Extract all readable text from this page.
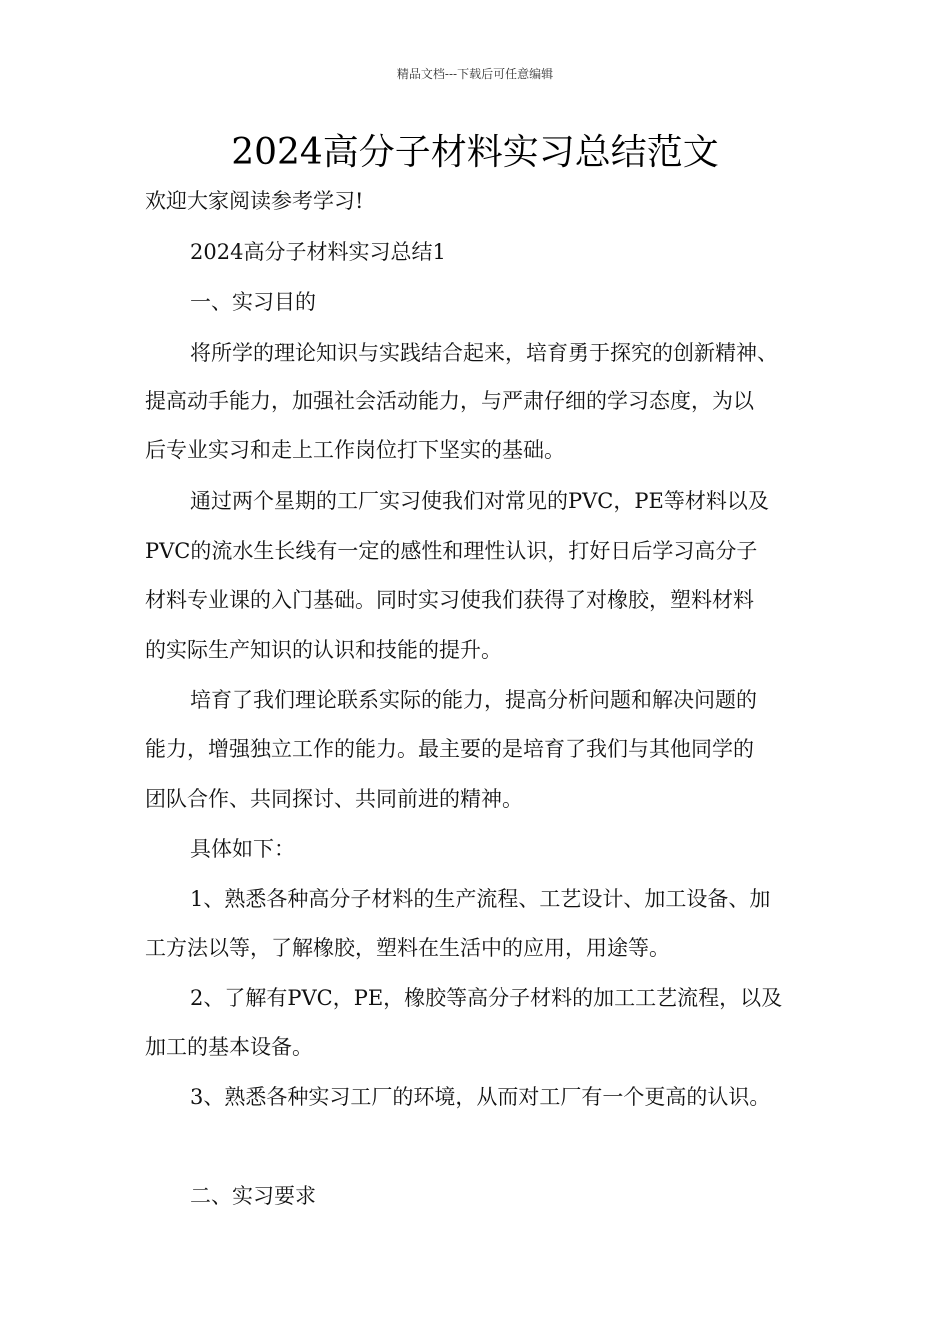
精品文档---下载后可任意编辑
2024高分子材料实习总结范文
欢迎大家阅读参考学习!
2024高分子材料实习总结1
一、实习目的
将所学的理论知识与实践结合起来，培育勇于探究的创新精神、
提高动手能力，加强社会活动能力，与严肃仔细的学习态度，为以
后专业实习和走上工作岗位打下坚实的基础。
通过两个星期的工厂实习使我们对常见的PVC，PE等材料以及
PVC的流水生长线有一定的感性和理性认识，打好日后学习高分子
材料专业课的入门基础。同时实习使我们获得了对橡胶，塑料材料
的实际生产知识的认识和技能的提升。
培育了我们理论联系实际的能力，提高分析问题和解决问题的
能力，增强独立工作的能力。最主要的是培育了我们与其他同学的
团队合作、共同探讨、共同前进的精神。
具体如下：
1、熟悉各种高分子材料的生产流程、工艺设计、加工设备、加
工方法以等，了解橡胶，塑料在生活中的应用，用途等。
2、了解有PVC，PE，橡胶等高分子材料的加工工艺流程，以及
加工的基本设备。
3、熟悉各种实习工厂的环境，从而对工厂有一个更高的认识。
二、实习要求
